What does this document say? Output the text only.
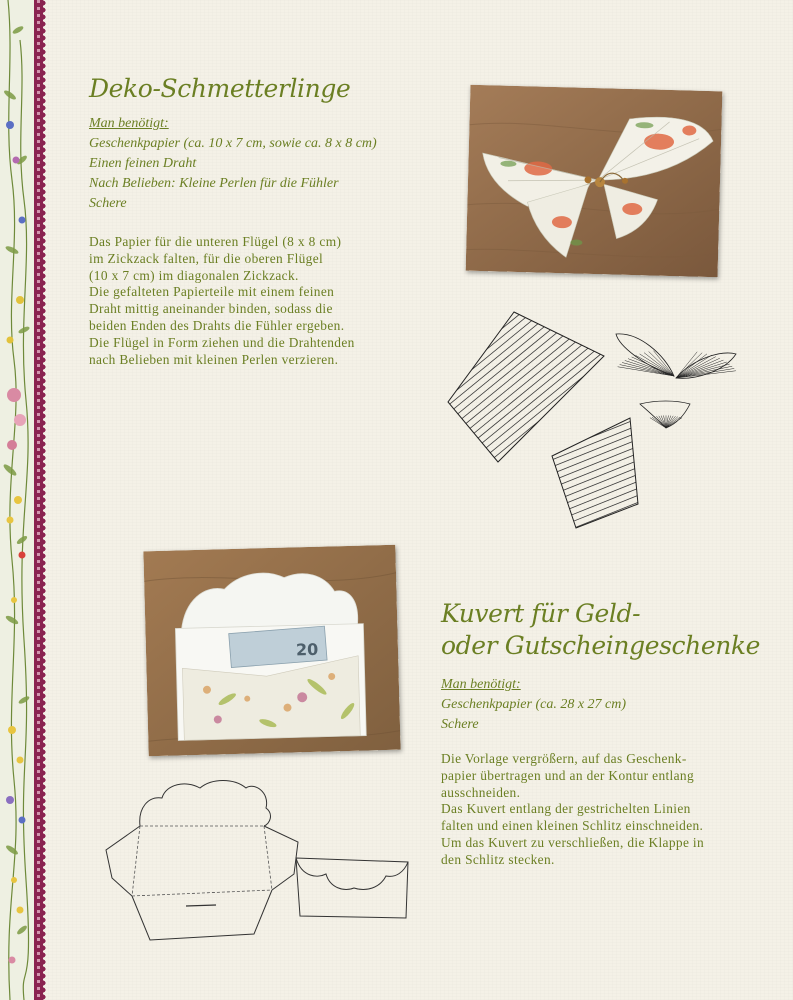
Deko-Schmetterlinge
Man benötigt:
Geschenkpapier (ca. 10 x 7 cm, sowie ca. 8 x 8 cm)
Einen feinen Draht
Nach Belieben: Kleine Perlen für die Fühler
Schere
Das Papier für die unteren Flügel (8 x 8 cm)
im Zickzack falten, für die oberen Flügel
(10 x 7 cm) im diagonalen Zickzack.
Die gefalteten Papierteile mit einem feinen
Draht mittig aneinander binden, sodass die
beiden Enden des Drahts die Fühler ergeben.
Die Flügel in Form ziehen und die Drahtenden
nach Belieben mit kleinen Perlen verzieren.
20
Kuvert für Geld-
oder Gutscheingeschenke
Man benötigt:
Geschenkpapier (ca. 28 x 27 cm)
Schere
Die Vorlage vergrößern, auf das Geschenk-
papier übertragen und an der Kontur entlang
ausschneiden.
Das Kuvert entlang der gestrichelten Linien
falten und einen kleinen Schlitz einschneiden.
Um das Kuvert zu verschließen, die Klappe in
den Schlitz stecken.
